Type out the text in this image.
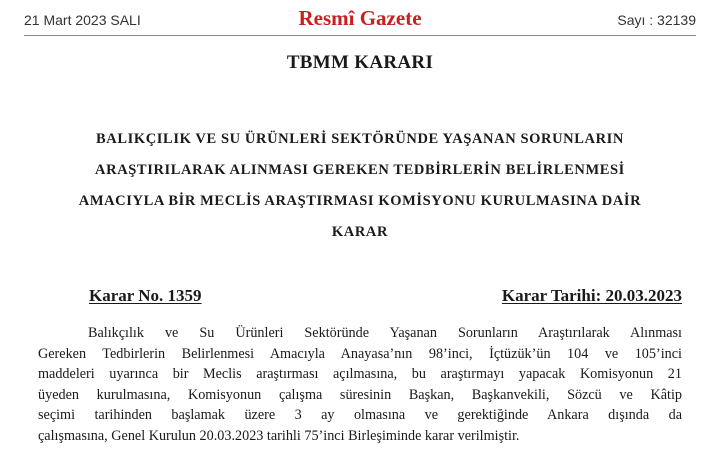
21 Mart 2023 SALI	Resmî Gazete	Sayı : 32139
TBMM KARARI
BALIKÇILIK VE SU ÜRÜNLERİ SEKTÖRÜNDE YAŞANAN SORUNLARIN
ARAŞTIRILARAK ALINMASI GEREKEN TEDBİRLERİN BELİRLENMESİ
AMACIYLA BİR MECLİS ARAŞTIRMASI KOMİSYONU KURULMASINA DAİR
KARAR
Karar No. 1359	Karar Tarihi: 20.03.2023
Balıkçılık ve Su Ürünleri Sektöründe Yaşanan Sorunların Araştırılarak Alınması
Gereken Tedbirlerin Belirlenmesi Amacıyla Anayasa’nın 98’inci, İçtüzük’ün 104 ve 105’inci
maddeleri uyarınca bir Meclis araştırması açılmasına, bu araştırmayı yapacak Komisyonun 21
üyeden kurulmasına, Komisyonun çalışma süresinin Başkan, Başkanvekili, Sözcü ve Kâtip
seçimi tarihinden başlamak üzere 3 ay olmasına ve gerektiğinde Ankara dışında da
çalışmasına, Genel Kurulun 20.03.2023 tarihli 75’inci Birleşiminde karar verilmiştir.
